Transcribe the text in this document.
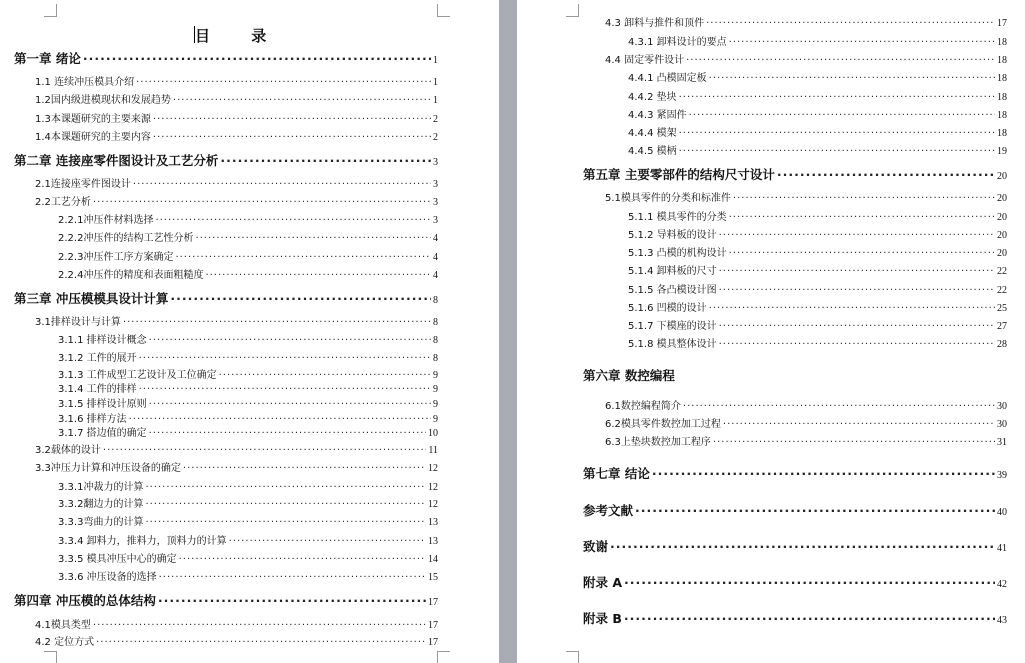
目 录
第一章 绪论 ·····	1
1.1 连续冲压模具介绍 ·····	1
1.2国内级进模现状和发展趋势 ·····	1
1.3本课题研究的主要来源 ·····	2
1.4本课题研究的主要内容 ·····	2
第二章 连接座零件图设计及工艺分析 ·····	3
2.1连接座零件图设计 ·····	3
2.2工艺分析 ·····	3
2.2.1冲压件材料选择 ·····	3
2.2.2冲压件的结构工艺性分析 ·····	4
2.2.3冲压件工序方案确定 ·····	4
2.2.4冲压件的精度和表面粗糙度 ·····	4
第三章 冲压模模具设计计算 ·····	8
3.1排样设计与计算 ·····	8
3.1.1 排样设计概念 ·····	8
3.1.2 工件的展开 ·····	8
3.1.3 工件成型工艺设计及工位确定 ·····	9
3.1.4 工件的排样 ·····	9
3.1.5 排样设计原则 ·····	9
3.1.6 排样方法 ·····	9
3.1.7 搭边值的确定 ·····	10
3.2载体的设计 ·····	11
3.3冲压力计算和冲压设备的确定 ·····	12
3.3.1冲裁力的计算 ·····	12
3.3.2翻边力的计算 ·····	12
3.3.3弯曲力的计算 ·····	13
3.3.4 卸料力，推料力，顶料力的计算 ·····	13
3.3.5 模具冲压中心的确定 ·····	14
3.3.6 冲压设备的选择 ·····	15
第四章 冲压模的总体结构 ·····	17
4.1模具类型 ·····	17
4.2 定位方式 ·····	17
4.3 卸料与推件和顶件 ·····	17
4.3.1 卸料设计的要点 ·····	18
4.4 固定零件设计 ·····	18
4.4.1 凸模固定板 ·····	18
4.4.2 垫块 ·····	18
4.4.3 紧固件 ·····	18
4.4.4 模架 ·····	18
4.4.5 模柄 ·····	19
第五章 主要零部件的结构尺寸设计 ·····	20
5.1模具零件的分类和标准件 ·····	20
5.1.1 模具零件的分类 ·····	20
5.1.2 导料板的设计 ·····	20
5.1.3 凸模的机构设计 ·····	20
5.1.4 卸料板的尺寸 ·····	22
5.1.5 各凸模设计图 ·····	22
5.1.6 凹模的设计 ·····	25
5.1.7 下模座的设计 ·····	27
5.1.8 模具整体设计 ·····	28
第六章 数控编程
6.1数控编程简介 ·····	30
6.2模具零件数控加工过程 ·····	30
6.3上垫块数控加工程序 ·····	31
第七章 结论 ·····	39
参考文献 ·····	40
致谢 ·····	41
附录 A ·····	42
附录 B ·····	43
